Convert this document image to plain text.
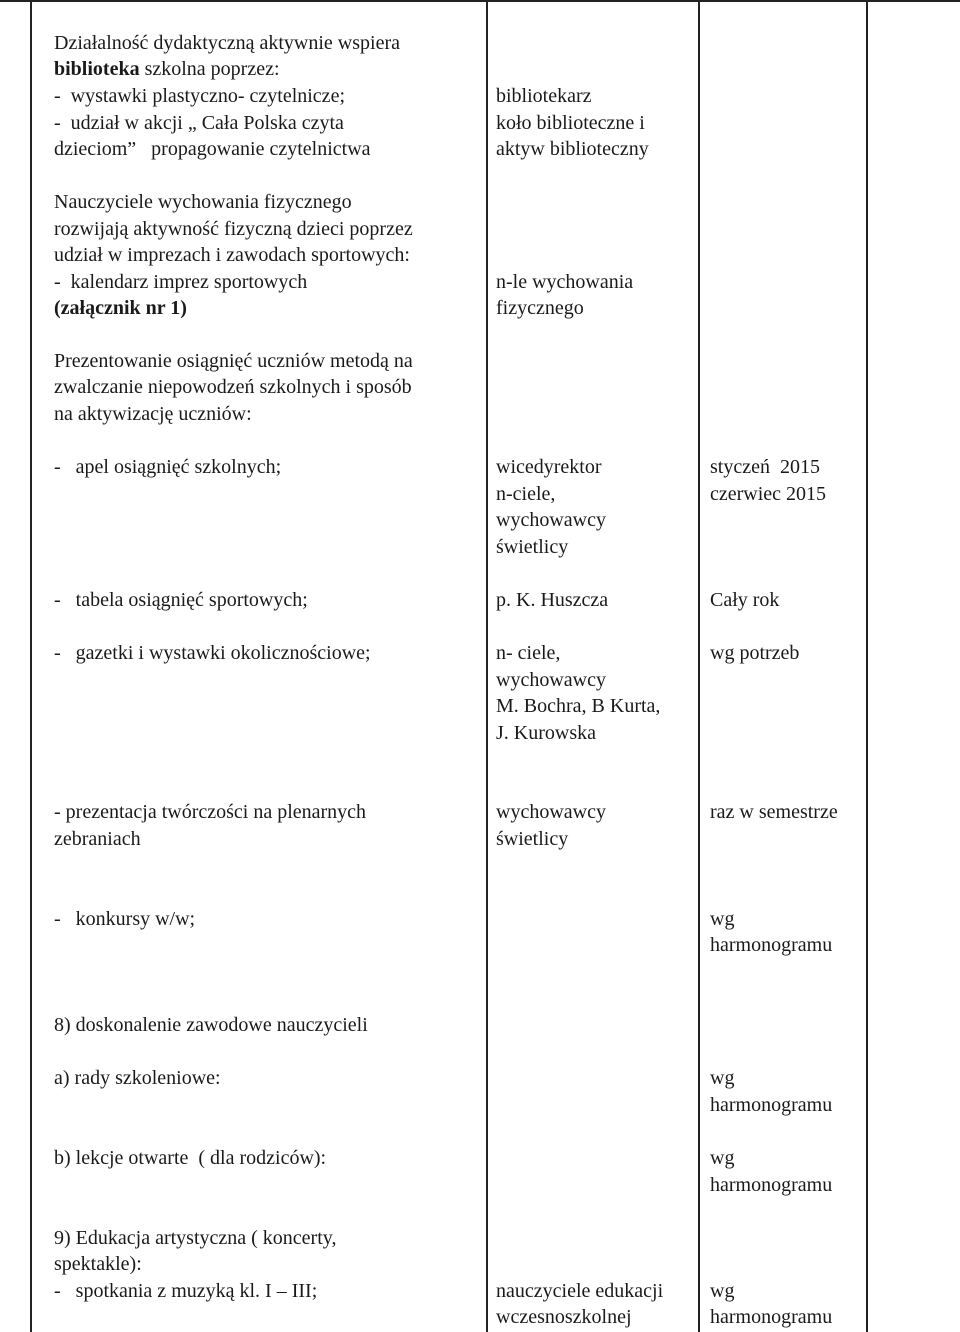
Działalność dydaktyczną aktywnie wspiera
biblioteka szkolna poprzez:
-  wystawki plastyczno- czytelnicze;
-  udział w akcji „ Cała Polska czyta
dzieciom”   propagowanie czytelnictwa
Nauczyciele wychowania fizycznego
rozwijają aktywność fizyczną dzieci poprzez
udział w imprezach i zawodach sportowych:
-  kalendarz imprez sportowych
(załącznik nr 1)
Prezentowanie osiągnięć uczniów metodą na
zwalczanie niepowodzeń szkolnych i sposób
na aktywizację uczniów:
-   apel osiągnięć szkolnych;
-   tabela osiągnięć sportowych;
-   gazetki i wystawki okolicznościowe;
- prezentacja twórczości na plenarnych
zebraniach
-   konkursy w/w;
8) doskonalenie zawodowe nauczycieli
a) rady szkoleniowe:
b) lekcje otwarte  ( dla rodziców):
9) Edukacja artystyczna ( koncerty,
spektakle):
-   spotkania z muzyką kl. I – III;
bibliotekarz
koło biblioteczne i
aktyw biblioteczny
n-le wychowania
fizycznego
wicedyrektor
n-ciele,
wychowawcy
świetlicy
p. K. Huszcza
n- ciele,
wychowawcy
M. Bochra, B Kurta,
J. Kurowska
wychowawcy
świetlicy
nauczyciele edukacji
wczesnoszkolnej
styczeń  2015
czerwiec 2015
Cały rok
wg potrzeb
raz w semestrze
wg
harmonogramu
wg
harmonogramu
wg
harmonogramu
wg
harmonogramu
